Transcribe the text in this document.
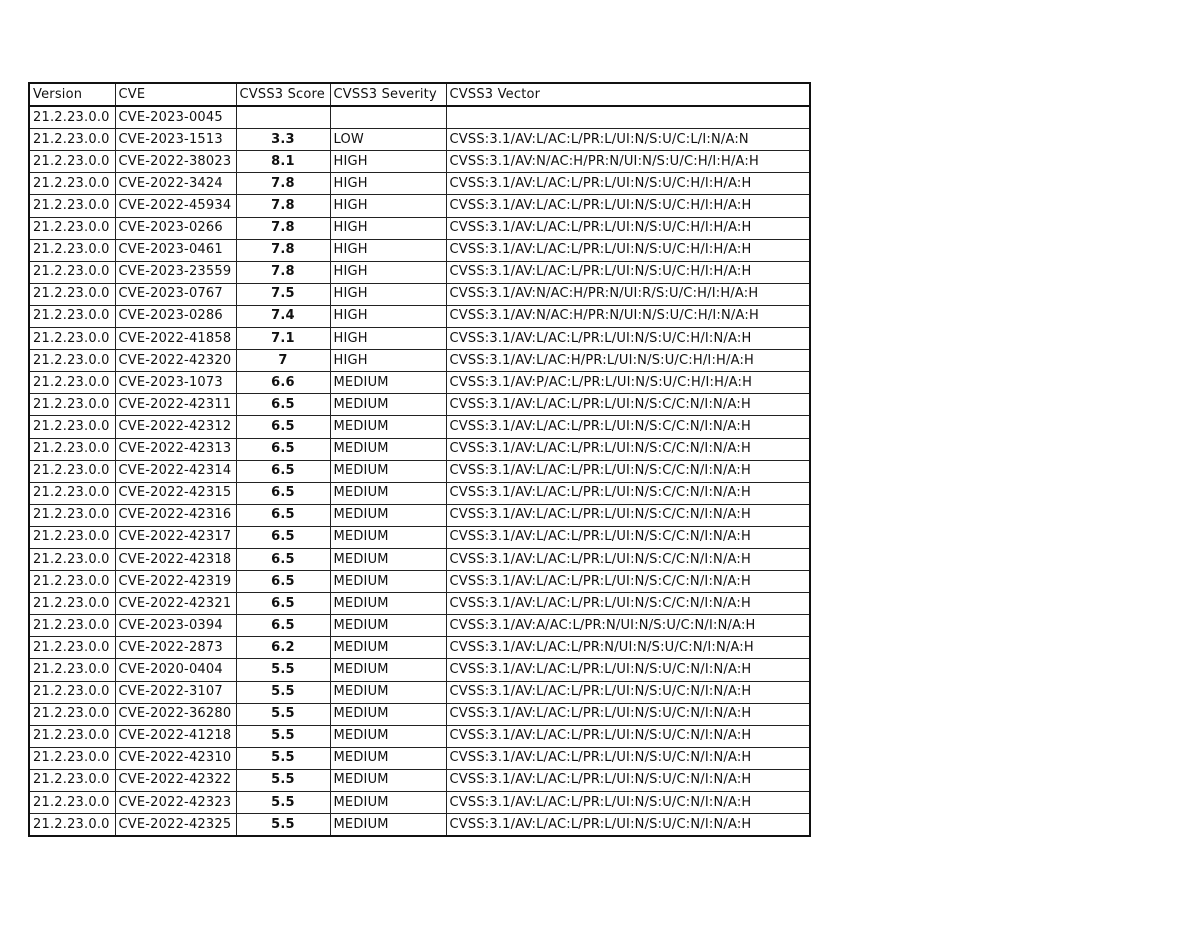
Version	CVE	CVSS3 Score	CVSS3 Severity	CVSS3 Vector
21.2.23.0.0	CVE-2023-0045			
21.2.23.0.0	CVE-2023-1513	3.3	LOW	CVSS:3.1/AV:L/AC:L/PR:L/UI:N/S:U/C:L/I:N/A:N
21.2.23.0.0	CVE-2022-38023	8.1	HIGH	CVSS:3.1/AV:N/AC:H/PR:N/UI:N/S:U/C:H/I:H/A:H
21.2.23.0.0	CVE-2022-3424	7.8	HIGH	CVSS:3.1/AV:L/AC:L/PR:L/UI:N/S:U/C:H/I:H/A:H
21.2.23.0.0	CVE-2022-45934	7.8	HIGH	CVSS:3.1/AV:L/AC:L/PR:L/UI:N/S:U/C:H/I:H/A:H
21.2.23.0.0	CVE-2023-0266	7.8	HIGH	CVSS:3.1/AV:L/AC:L/PR:L/UI:N/S:U/C:H/I:H/A:H
21.2.23.0.0	CVE-2023-0461	7.8	HIGH	CVSS:3.1/AV:L/AC:L/PR:L/UI:N/S:U/C:H/I:H/A:H
21.2.23.0.0	CVE-2023-23559	7.8	HIGH	CVSS:3.1/AV:L/AC:L/PR:L/UI:N/S:U/C:H/I:H/A:H
21.2.23.0.0	CVE-2023-0767	7.5	HIGH	CVSS:3.1/AV:N/AC:H/PR:N/UI:R/S:U/C:H/I:H/A:H
21.2.23.0.0	CVE-2023-0286	7.4	HIGH	CVSS:3.1/AV:N/AC:H/PR:N/UI:N/S:U/C:H/I:N/A:H
21.2.23.0.0	CVE-2022-41858	7.1	HIGH	CVSS:3.1/AV:L/AC:L/PR:L/UI:N/S:U/C:H/I:N/A:H
21.2.23.0.0	CVE-2022-42320	7	HIGH	CVSS:3.1/AV:L/AC:H/PR:L/UI:N/S:U/C:H/I:H/A:H
21.2.23.0.0	CVE-2023-1073	6.6	MEDIUM	CVSS:3.1/AV:P/AC:L/PR:L/UI:N/S:U/C:H/I:H/A:H
21.2.23.0.0	CVE-2022-42311	6.5	MEDIUM	CVSS:3.1/AV:L/AC:L/PR:L/UI:N/S:C/C:N/I:N/A:H
21.2.23.0.0	CVE-2022-42312	6.5	MEDIUM	CVSS:3.1/AV:L/AC:L/PR:L/UI:N/S:C/C:N/I:N/A:H
21.2.23.0.0	CVE-2022-42313	6.5	MEDIUM	CVSS:3.1/AV:L/AC:L/PR:L/UI:N/S:C/C:N/I:N/A:H
21.2.23.0.0	CVE-2022-42314	6.5	MEDIUM	CVSS:3.1/AV:L/AC:L/PR:L/UI:N/S:C/C:N/I:N/A:H
21.2.23.0.0	CVE-2022-42315	6.5	MEDIUM	CVSS:3.1/AV:L/AC:L/PR:L/UI:N/S:C/C:N/I:N/A:H
21.2.23.0.0	CVE-2022-42316	6.5	MEDIUM	CVSS:3.1/AV:L/AC:L/PR:L/UI:N/S:C/C:N/I:N/A:H
21.2.23.0.0	CVE-2022-42317	6.5	MEDIUM	CVSS:3.1/AV:L/AC:L/PR:L/UI:N/S:C/C:N/I:N/A:H
21.2.23.0.0	CVE-2022-42318	6.5	MEDIUM	CVSS:3.1/AV:L/AC:L/PR:L/UI:N/S:C/C:N/I:N/A:H
21.2.23.0.0	CVE-2022-42319	6.5	MEDIUM	CVSS:3.1/AV:L/AC:L/PR:L/UI:N/S:C/C:N/I:N/A:H
21.2.23.0.0	CVE-2022-42321	6.5	MEDIUM	CVSS:3.1/AV:L/AC:L/PR:L/UI:N/S:C/C:N/I:N/A:H
21.2.23.0.0	CVE-2023-0394	6.5	MEDIUM	CVSS:3.1/AV:A/AC:L/PR:N/UI:N/S:U/C:N/I:N/A:H
21.2.23.0.0	CVE-2022-2873	6.2	MEDIUM	CVSS:3.1/AV:L/AC:L/PR:N/UI:N/S:U/C:N/I:N/A:H
21.2.23.0.0	CVE-2020-0404	5.5	MEDIUM	CVSS:3.1/AV:L/AC:L/PR:L/UI:N/S:U/C:N/I:N/A:H
21.2.23.0.0	CVE-2022-3107	5.5	MEDIUM	CVSS:3.1/AV:L/AC:L/PR:L/UI:N/S:U/C:N/I:N/A:H
21.2.23.0.0	CVE-2022-36280	5.5	MEDIUM	CVSS:3.1/AV:L/AC:L/PR:L/UI:N/S:U/C:N/I:N/A:H
21.2.23.0.0	CVE-2022-41218	5.5	MEDIUM	CVSS:3.1/AV:L/AC:L/PR:L/UI:N/S:U/C:N/I:N/A:H
21.2.23.0.0	CVE-2022-42310	5.5	MEDIUM	CVSS:3.1/AV:L/AC:L/PR:L/UI:N/S:U/C:N/I:N/A:H
21.2.23.0.0	CVE-2022-42322	5.5	MEDIUM	CVSS:3.1/AV:L/AC:L/PR:L/UI:N/S:U/C:N/I:N/A:H
21.2.23.0.0	CVE-2022-42323	5.5	MEDIUM	CVSS:3.1/AV:L/AC:L/PR:L/UI:N/S:U/C:N/I:N/A:H
21.2.23.0.0	CVE-2022-42325	5.5	MEDIUM	CVSS:3.1/AV:L/AC:L/PR:L/UI:N/S:U/C:N/I:N/A:H
